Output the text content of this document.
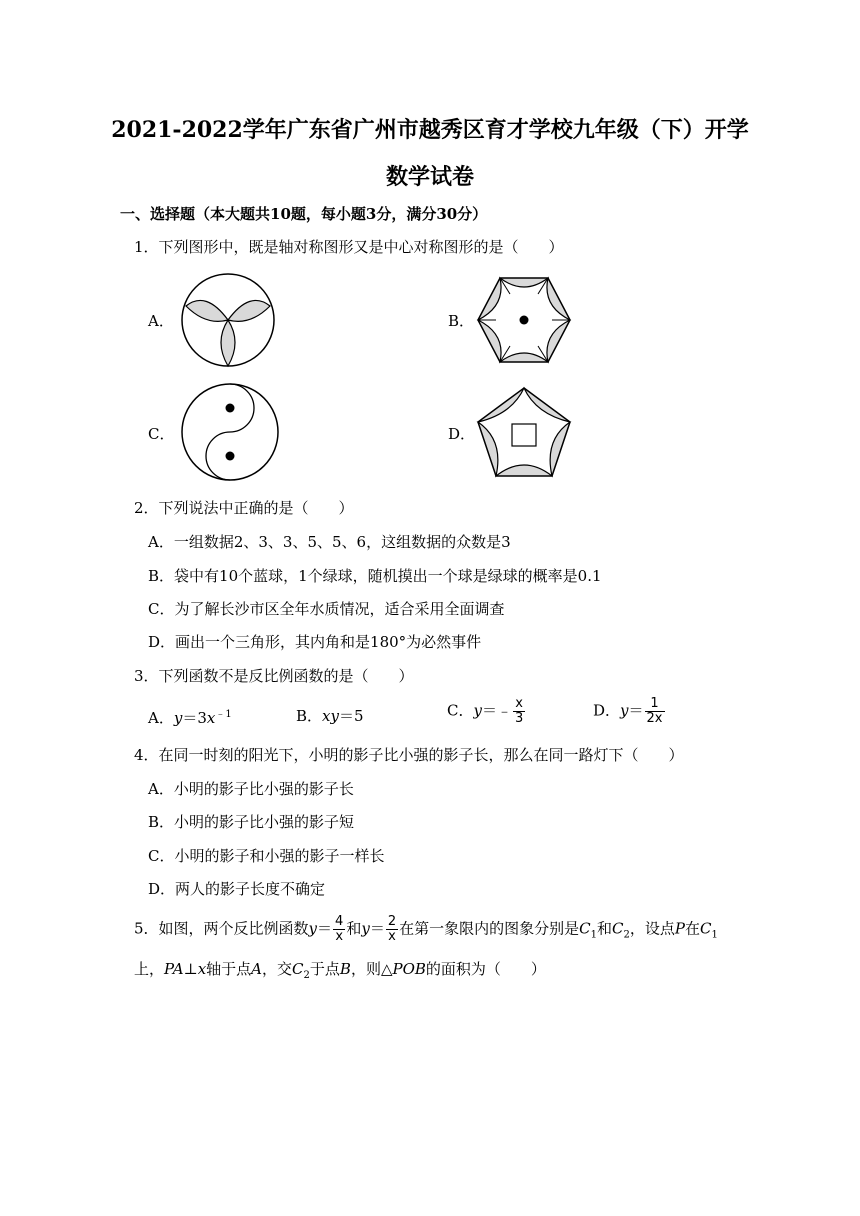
2021-2022学年广东省广州市越秀区育才学校九年级（下）开学
数学试卷
一、选择题（本大题共10题，每小题3分，满分30分）
1．下列图形中，既是轴对称图形又是中心对称图形的是（　　）
A．	B．
C．	D．
2．下列说法中正确的是（　　）
A．一组数据2、3、3、5、5、6，这组数据的众数是3
B．袋中有10个蓝球，1个绿球，随机摸出一个球是绿球的概率是0.1
C．为了解长沙市区全年水质情况，适合采用全面调查
D．画出一个三角形，其内角和是180°为必然事件
3．下列函数不是反比例函数的是（　　）
A．$y=3x^{﹣1}$	B．xy＝5	C．y＝﹣ $\frac{x}{3}$	D．$y= \frac{1}{2x}$
4．在同一时刻的阳光下，小明的影子比小强的影子长，那么在同一路灯下（　　）
A．小明的影子比小强的影子长
B．小明的影子比小强的影子短
C．小明的影子和小强的影子一样长
D．两人的影子长度不确定
5．如图，两个反比例函数$y= \frac{4}{x}$ 和$y= \frac{2}{x}$ 在第一象限内的图象分别是$C_1$和$C_2$，设点P在$C_1$
上，PA⊥x轴于点A，交$C_2$于点B，则△POB的面积为（　　）
